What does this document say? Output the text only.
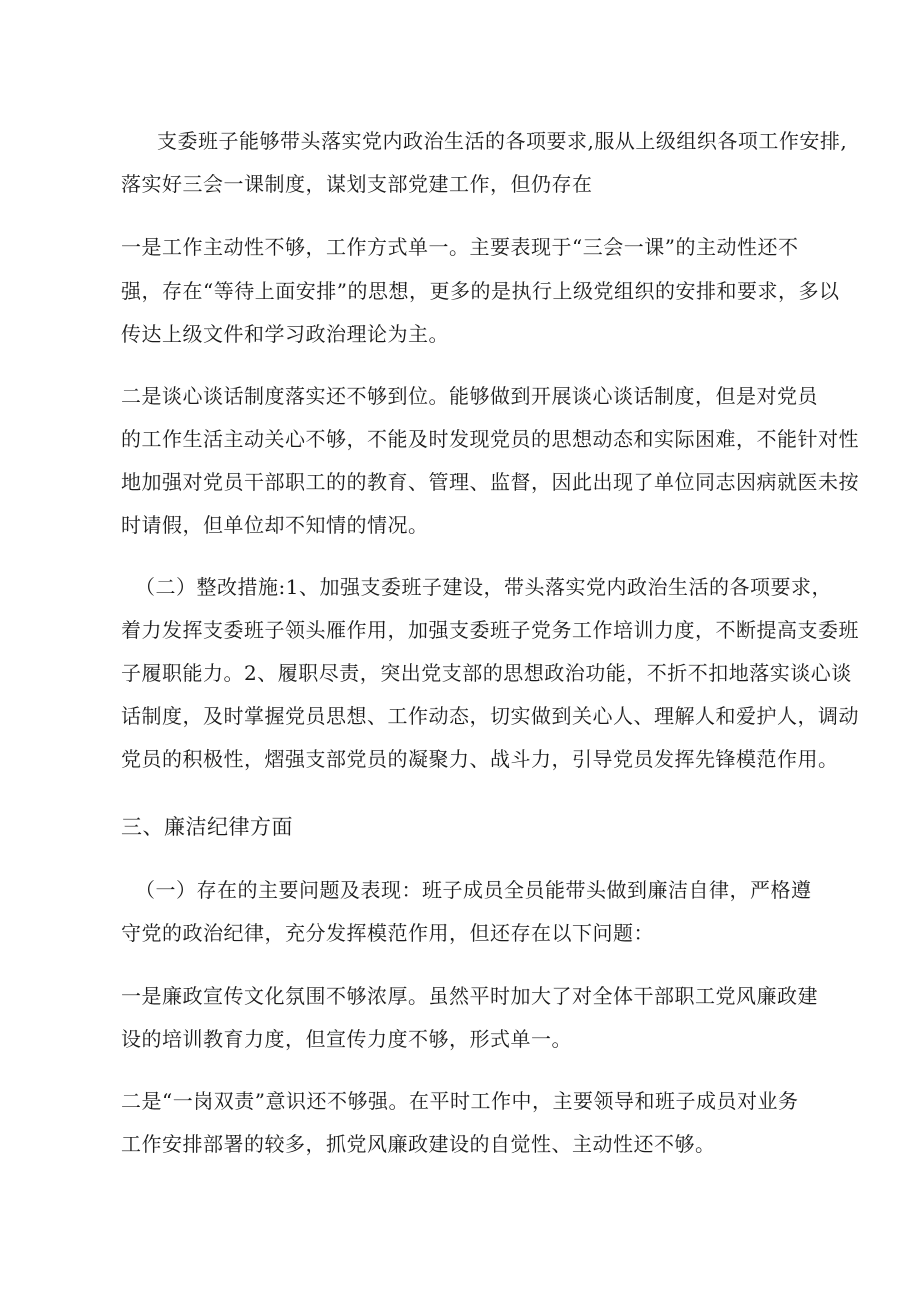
支委班子能够带头落实党内政治生活的各项要求,服从上级组织各项工作安排,
落实好三会一课制度，谋划支部党建工作，但仍存在
一是工作主动性不够，工作方式单一。主要表现于“三会一课”的主动性还不
强，存在“等待上面安排”的思想，更多的是执行上级党组织的安排和要求，多以
传达上级文件和学习政治理论为主。
二是谈心谈话制度落实还不够到位。能够做到开展谈心谈话制度，但是对党员
的工作生活主动关心不够，不能及时发现党员的思想动态和实际困难，不能针对性
地加强对党员干部职工的的教育、管理、监督，因此出现了单位同志因病就医未按
时请假，但单位却不知情的情况。
（二）整改措施:1、加强支委班子建设，带头落实党内政治生活的各项要求，
着力发挥支委班子领头雁作用，加强支委班子党务工作培训力度，不断提高支委班
子履职能力。2、履职尽责，突出党支部的思想政治功能，不折不扣地落实谈心谈
话制度，及时掌握党员思想、工作动态，切实做到关心人、理解人和爱护人，调动
党员的积极性，熠强支部党员的凝聚力、战斗力，引导党员发挥先锋模范作用。
三、廉洁纪律方面
（一）存在的主要问题及表现：班子成员全员能带头做到廉洁自律，严格遵
守党的政治纪律，充分发挥模范作用，但还存在以下问题：
一是廉政宣传文化氛围不够浓厚。虽然平时加大了对全体干部职工党风廉政建
设的培训教育力度，但宣传力度不够，形式单一。
二是“一岗双责”意识还不够强。在平时工作中，主要领导和班子成员对业务
工作安排部署的较多，抓党风廉政建设的自觉性、主动性还不够。
